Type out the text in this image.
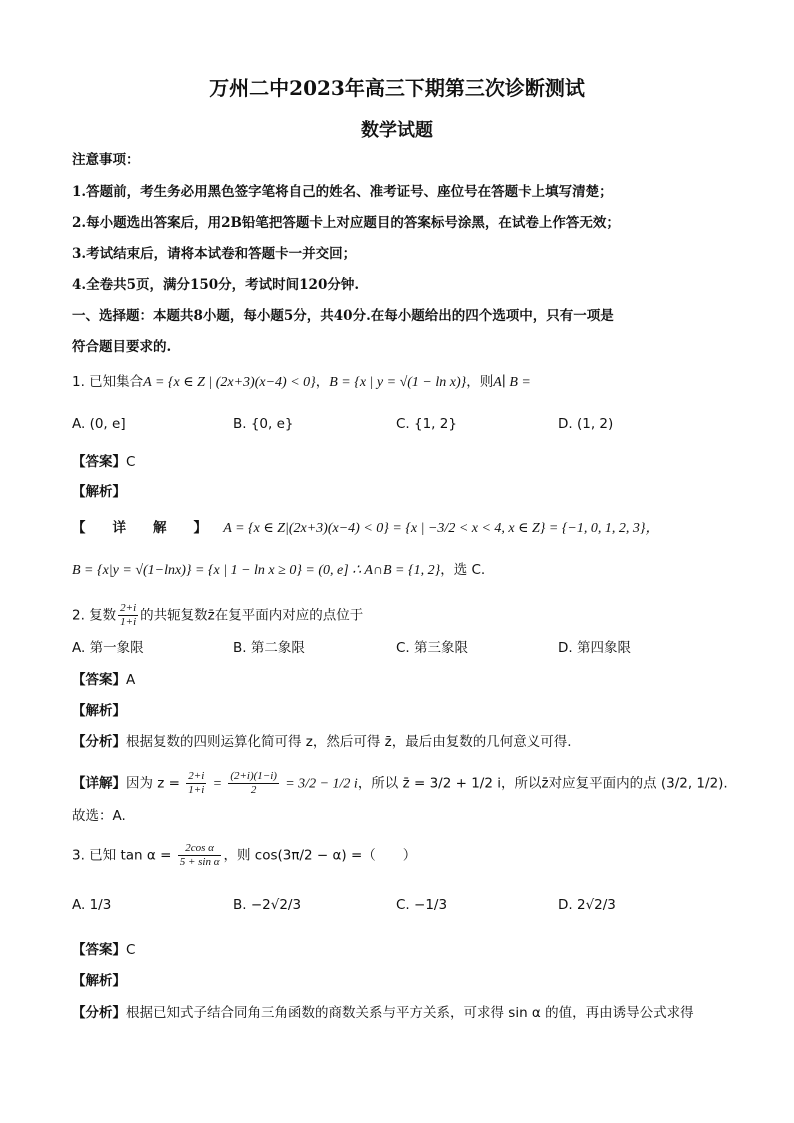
万州二中2023年高三下期第三次诊断测试
数学试题
注意事项：
1.答题前，考生务必用黑色签字笔将自己的姓名、准考证号、座位号在答题卡上填写清楚；
2.每小题选出答案后，用2B铅笔把答题卡上对应题目的答案标号涂黑，在试卷上作答无效；
3.考试结束后，请将本试卷和答题卡一并交回；
4.全卷共5页，满分150分，考试时间120分钟.
一、选择题：本题共8小题，每小题5分，共40分.在每小题给出的四个选项中，只有一项是
符合题目要求的.
1. 已知集合A = {x ∈ Z | (2x+3)(x−4) < 0}，B = {x | y = √(1 − ln x)}，则A∣ B =
A. (0, e]	B. {0, e}	C. {1, 2}	D. (1, 2)
【答案】C
【解析】
【　　详　　解　　】 A = {x ∈ Z|(2x+3)(x−4) < 0} = {x | −3/2 < x < 4, x ∈ Z} = {−1, 0, 1, 2, 3}，
B = {x|y = √(1−lnx)} = {x | 1 − ln x ≥ 0} = (0, e] ∴ A∩B = {1, 2}，选 C.
2. 复数 $\frac{2+i}{1+i}$ 的共轭复数z̄在复平面内对应的点位于
A. 第一象限	B. 第二象限	C. 第三象限	D. 第四象限
【答案】A
【解析】
【分析】根据复数的四则运算化简可得 z，然后可得 z̄，最后由复数的几何意义可得.
【详解】因为 $z = \frac{2+i}{1+i} = \frac{(2+i)(1-i)}{2} = 3/2 - 1/2$ i，所以 z̄ = 3/2 + 1/2 i，所以z̄对应复平面内的点 (3/2, 1/2).
故选：A.
3. 已知 $\tan \alpha = \frac{\text{2cos α}}{\text{5 + sin α}}$ ，则 cos(3π/2 − α) =（　　）
A. 1/3	B. −2√2/3	C. −1/3	D. 2√2/3
【答案】C
【解析】
【分析】根据已知式子结合同角三角函数的商数关系与平方关系，可求得 sin α 的值，再由诱导公式求得
